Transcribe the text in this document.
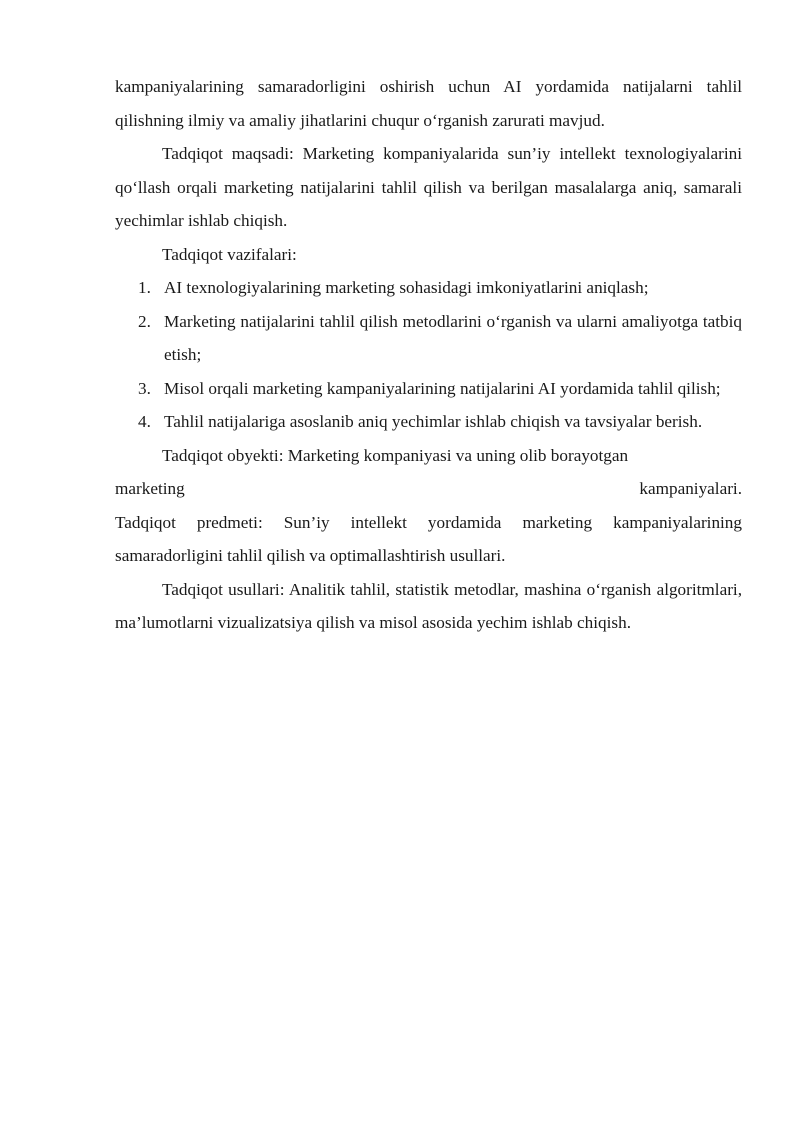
kampaniyalarining samaradorligini oshirish uchun AI yordamida natijalarni tahlil qilishning ilmiy va amaliy jihatlarini chuqur o‘rganish zarurati mavjud.

Tadqiqot maqsadi: Marketing kompaniyalarida sun’iy intellekt texnologiyalarini qo‘llash orqali marketing natijalarini tahlil qilish va berilgan masalalarga aniq, samarali yechimlar ishlab chiqish.

Tadqiqot vazifalari:

1. AI texnologiyalarining marketing sohasidagi imkoniyatlarini aniqlash;
2. Marketing natijalarini tahlil qilish metodlarini o‘rganish va ularni amaliyotga tatbiq etish;
3. Misol orqali marketing kampaniyalarining natijalarini AI yordamida tahlil qilish;
4. Tahlil natijalariga asoslanib aniq yechimlar ishlab chiqish va tavsiyalar berish.

Tadqiqot obyekti: Marketing kompaniyasi va uning olib borayotgan

marketing	kampaniyalari.

Tadqiqot predmeti: Sun’iy intellekt yordamida marketing kampaniyalarining samaradorligini tahlil qilish va optimallashtirish usullari.

Tadqiqot usullari: Analitik tahlil, statistik metodlar, mashina o‘rganish algoritmlari, ma’lumotlarni vizualizatsiya qilish va misol asosida yechim ishlab chiqish.
